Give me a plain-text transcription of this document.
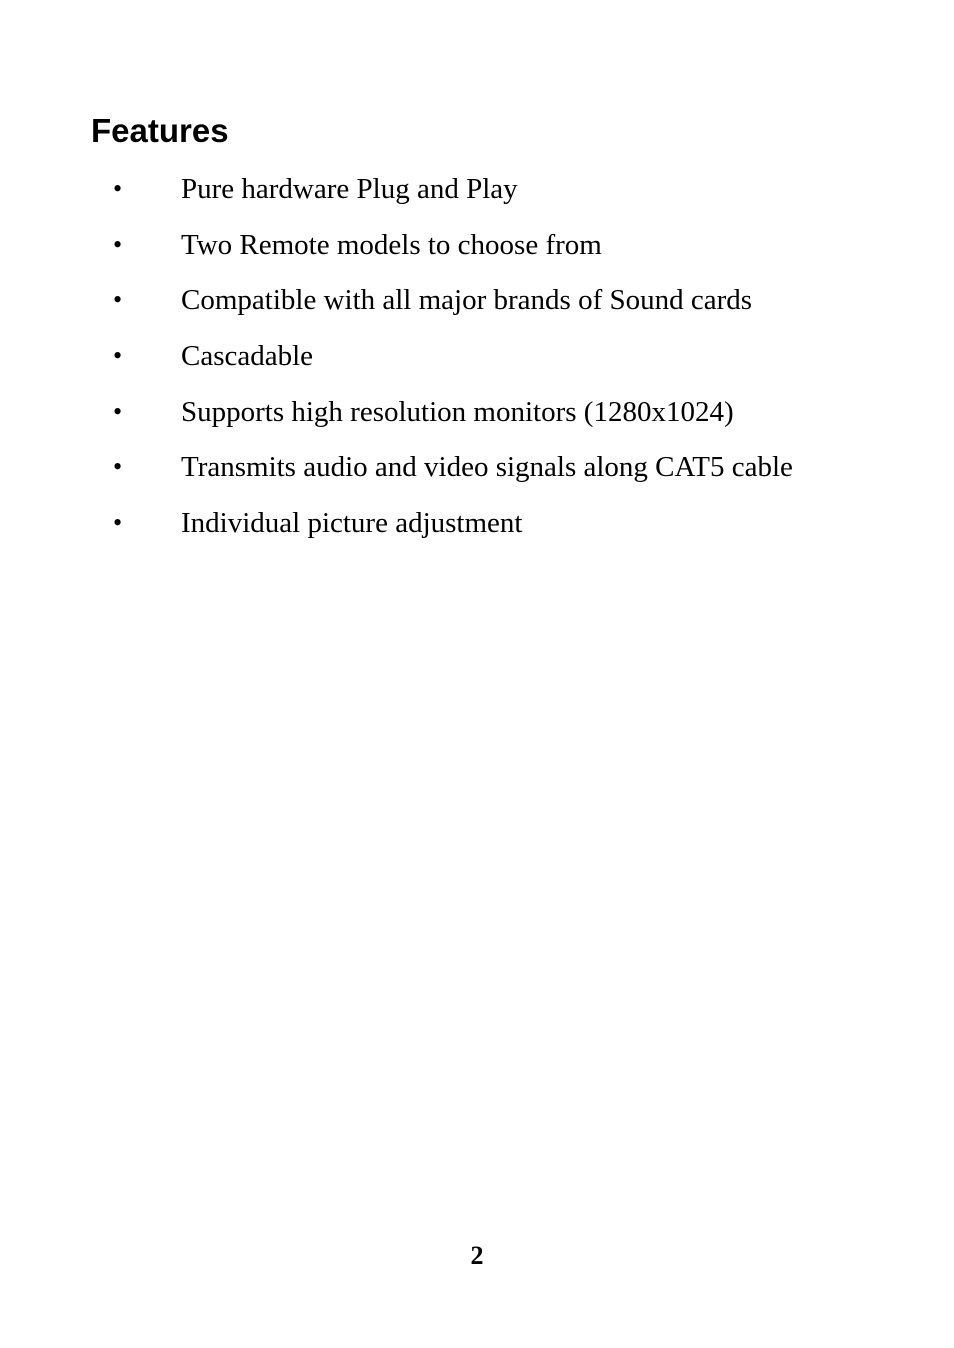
Features
• Pure hardware Plug and Play
• Two Remote models to choose from
• Compatible with all major brands of Sound cards
• Cascadable
• Supports high resolution monitors (1280x1024)
• Transmits audio and video signals along CAT5 cable
• Individual picture adjustment
2
